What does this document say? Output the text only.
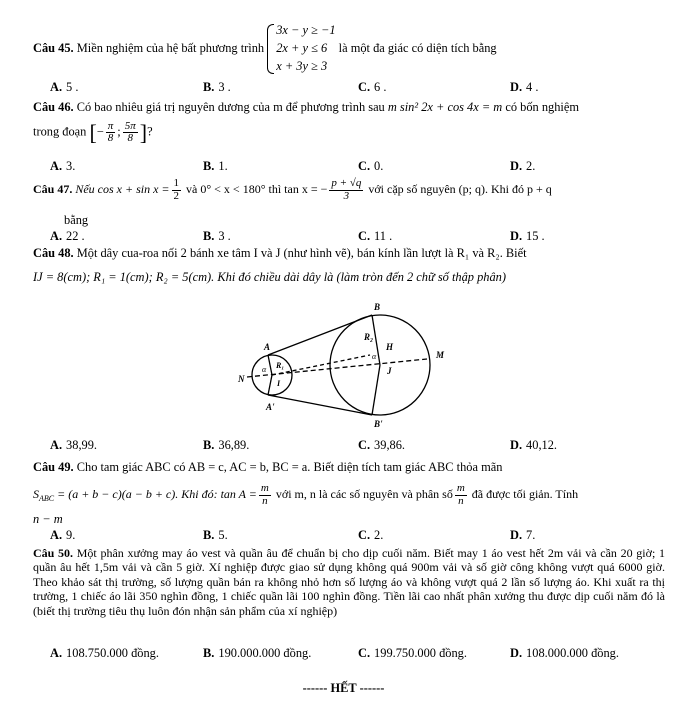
Câu 45. Miền nghiệm của hệ bất phương trình
3x − y ≥ −1
2x + y ≤ 6
x + 3y ≥ 3
là một đa giác có diện tích bằng
A. 5 .	B. 3 .	C. 6 .	D. 4 .
Câu 46. Có bao nhiêu giá trị nguyên dương của m để phương trình sau m sin² 2x + cos 4x = m có bốn nghiệm
trong đoạn [− $\frac{\pi}{8}$ ; $\frac{5\pi}{8}$ ]?
A. 3.	B. 1.	C. 0.	D. 2.
Câu 47. Nếu $\cos x + \sin x = \frac{1}{2}$ và 0° < x < 180° thì tan x = − $\frac{p + √q}{3}$ với cặp số nguyên (p; q). Khi đó p + q
bằng
A. 22 .	B. 3 .	C. 11 .	D. 15 .
Câu 48. Một dây cua-roa nối 2 bánh xe tâm I và J (như hình vẽ), bán kính lần lượt là R₁ và R₂. Biết
IJ = 8(cm); R₁ = 1(cm); R₂ = 5(cm). Khi đó chiều dài dây là (làm tròn đến 2 chữ số thập phân)
B
R₂
H
M
A
R₁
α
α
N	I
J
A'
B'
A. 38,99.	B. 36,89.	C. 39,86.	D. 40,12.
Câu 49. Cho tam giác ABC có AB = c, AC = b, BC = a. Biết diện tích tam giác ABC thỏa mãn
$S_{ABC} = (a + b - c)(a - b + c)$. Khi đó: $\tan A = \frac{m}{n}$ với m, n là các số nguyên và phân số $\frac{m}{n}$ đã được tối giản. Tính
n − m
A. 9.	B. 5.	C. 2.	D. 7.
Câu 50. Một phân xưởng may áo vest và quần âu để chuẩn bị cho dịp cuối năm. Biết may 1 áo vest hết 2m vải và cần 20 giờ; 1 quần âu hết 1,5m vải và cần 5 giờ. Xí nghiệp được giao sử dụng không quá 900m vải và số giờ công không vượt quá 6000 giờ. Theo khảo sát thị trường, số lượng quần bán ra không nhỏ hơn số lượng áo và không vượt quá 2 lần số lượng áo. Khi xuất ra thị trường, 1 chiếc áo lãi 350 nghìn đồng, 1 chiếc quần lãi 100 nghìn đồng. Tiền lãi cao nhất phân xưởng thu được dịp cuối năm đó là (biết thị trường tiêu thụ luôn đón nhận sản phẩm của xí nghiệp)
A. 108.750.000 đồng.	B. 190.000.000 đồng.	C. 199.750.000 đồng.	D. 108.000.000 đồng.
------ HẾT ------
